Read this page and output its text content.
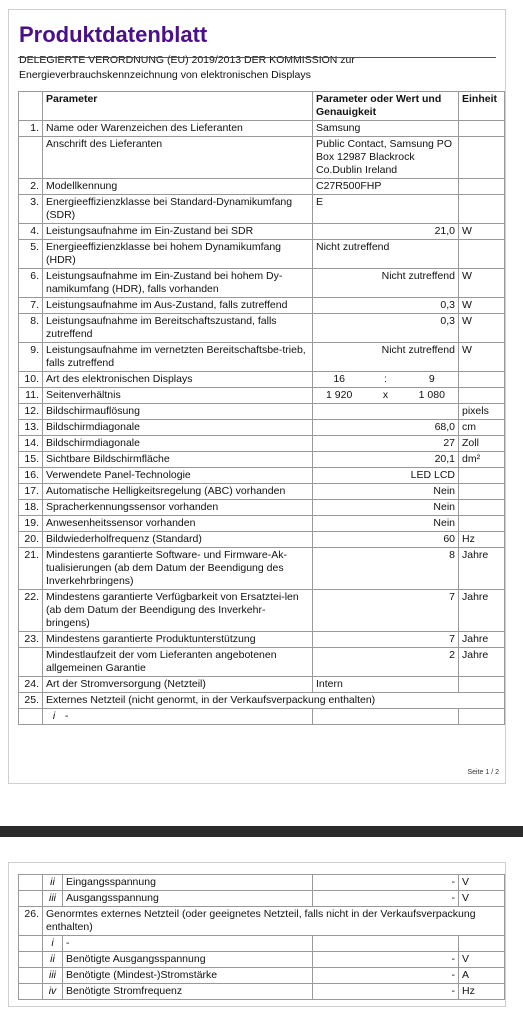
Produktdatenblatt
DELEGIERTE VERORDNUNG (EU) 2019/2013 DER KOMMISSION zur
Energieverbrauchskennzeichnung von elektronischen Displays
	Parameter	Parameter oder Wert und Genauigkeit	Einheit
1.	Name oder Warenzeichen des Lieferanten	Samsung	
	Anschrift des Lieferanten	Public Contact, Samsung PO Box 12987 Blackrock Co.Dublin Ireland	
2.	Modellkennung	C27R500FHP	
3.	Energieeffizienzklasse bei Standard-Dynamikumfang (SDR)	E	
4.	Leistungsaufnahme im Ein-Zustand bei SDR	21,0	W
5.	Energieeffizienzklasse bei hohem Dynamikumfang (HDR)	Nicht zutreffend	
6.	Leistungsaufnahme im Ein-Zustand bei hohem Dy-namikumfang (HDR), falls vorhanden	Nicht zutreffend	W
7.	Leistungsaufnahme im Aus-Zustand, falls zutreffend	0,3	W
8.	Leistungsaufnahme im Bereitschaftszustand, falls zutreffend	0,3	W
9.	Leistungsaufnahme im vernetzten Bereitschaftsbe-trieb, falls zutreffend	Nicht zutreffend	W
10.	Art des elektronischen Displays	16 : 9	

11.	Seitenverhältnis	1 920 x 1 080	

12.	Bildschirmauflösung		pixels
13.	Bildschirmdiagonale	68,0	cm
14.	Bildschirmdiagonale	27	Zoll
15.	Sichtbare Bildschirmfläche	20,1	dm²
16.	Verwendete Panel-Technologie	LED LCD	
17.	Automatische Helligkeitsregelung (ABC) vorhanden	Nein	
18.	Spracherkennungssensor vorhanden	Nein	
19.	Anwesenheitssensor vorhanden	Nein	
20.	Bildwiederholfrequenz (Standard)	60	Hz
21.	Mindestens garantierte Software- und Firmware-Ak-tualisierungen (ab dem Datum der Beendigung des Inverkehrbringens)	8	Jahre
22.	Mindestens garantierte Verfügbarkeit von Ersatztei-len (ab dem Datum der Beendigung des Inverkehr-bringens)	7	Jahre
23.	Mindestens garantierte Produktunterstützung	7	Jahre
	Mindestlaufzeit der vom Lieferanten angebotenen allgemeinen Garantie	2	Jahre
24.	Art der Stromversorgung (Netzteil)	Intern	
25.	Externes Netzteil (nicht genormt, in der Verkaufsverpackung enthalten)		
	i -		
Seite 1 / 2
	ii	Eingangsspannung	-	V
	iii	Ausgangsspannung	-	V
26.	Genormtes externes Netzteil (oder geeignetes Netzteil, falls nicht in der Verkaufsverpackung enthalten)			
	i	-		
	ii	Benötigte Ausgangsspannung	-	V
	iii	Benötigte (Mindest-)Stromstärke	-	A
	iv	Benötigte Stromfrequenz	-	Hz
